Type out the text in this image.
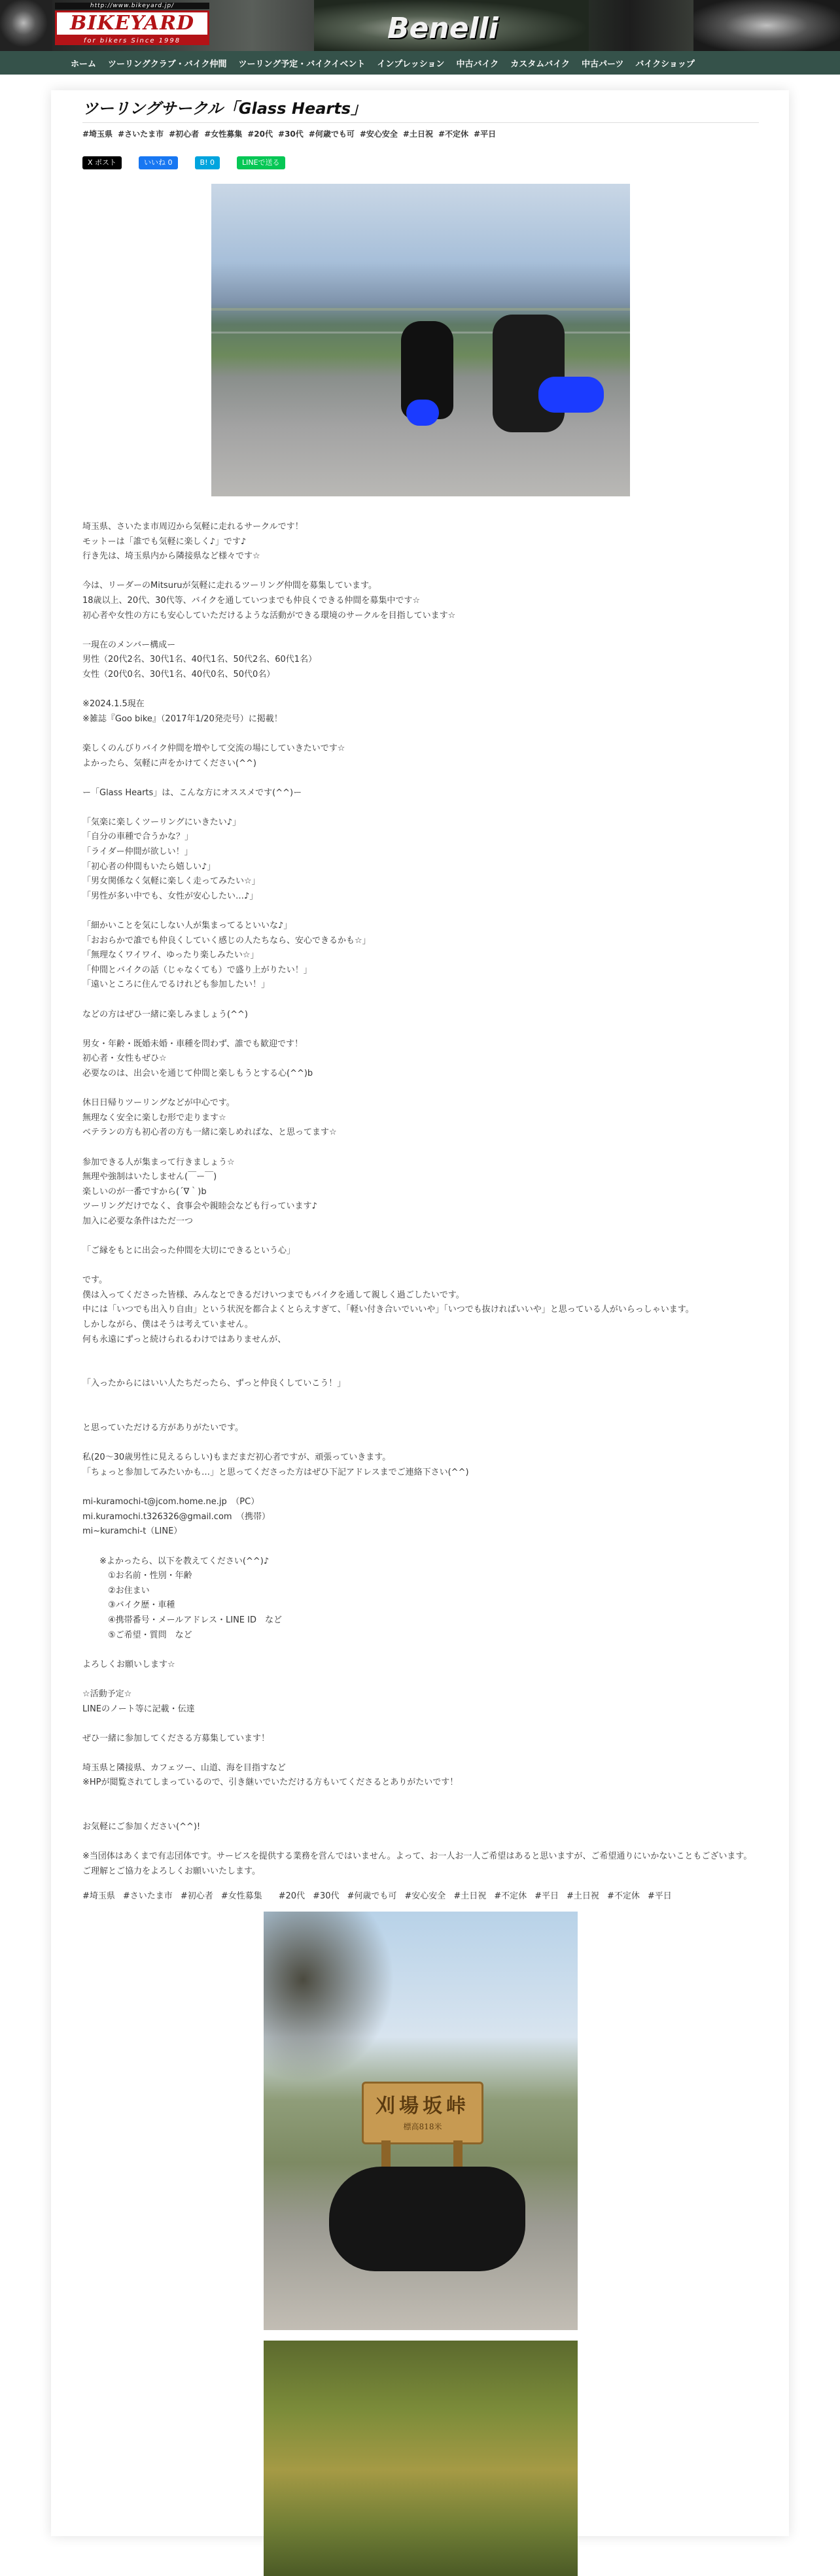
http://www.bikeyard.jp/
BIKEYARD
for bikers Since 1998	Benelli
ホーム ツーリングクラブ・バイク仲間 ツーリング予定・バイクイベント インプレッション 中古バイク カスタムバイク 中古パーツ バイクショップ
ツーリングサークル「Glass Hearts」
#埼玉県 #さいたま市 #初心者 #女性募集 #20代 #30代 #何歳でも可 #安心安全 #土日祝 #不定休 #平日
X ポスト	いいね 0	B! 0	LINEで送る

埼玉県、さいたま市周辺から気軽に走れるサークルです！

モットーは「誰でも気軽に楽しく♪」です♪

行き先は、埼玉県内から隣接県など様々です☆

今は、リーダーのMitsuruが気軽に走れるツーリング仲間を募集しています。

18歳以上、20代、30代等、バイクを通していつまでも仲良くできる仲間を募集中です☆

初心者や女性の方にも安心していただけるような活動ができる環境のサークルを目指しています☆

一現在のメンバー構成ー

男性（20代2名、30代1名、40代1名、50代2名、60代1名）

女性（20代0名、30代1名、40代0名、50代0名）

※2024.1.5現在

※雑誌『Goo bike』（2017年1/20発売号）に掲載！

楽しくのんびりバイク仲間を増やして交流の場にしていきたいです☆

よかったら、気軽に声をかけてください(^^)

ー「Glass Hearts」は、こんな方にオススメです(^^)ー

「気楽に楽しくツーリングにいきたい♪」

「自分の車種で合うかな？」

「ライダー仲間が欲しい！」

「初心者の仲間もいたら嬉しい♪」

「男女関係なく気軽に楽しく走ってみたい☆」

「男性が多い中でも、女性が安心したい…♪」

「細かいことを気にしない人が集まってるといいな♪」

「おおらかで誰でも仲良くしていく感じの人たちなら、安心できるかも☆」

「無理なくワイワイ、ゆったり楽しみたい☆」

「仲間とバイクの話（じゃなくても）で盛り上がりたい！」

「遠いところに住んでるけれども参加したい！」

などの方はぜひ一緒に楽しみましょう(^^)

男女・年齢・既婚未婚・車種を問わず、誰でも歓迎です！

初心者・女性もぜひ☆

必要なのは、出会いを通じて仲間と楽しもうとする心(^^)b

休日日帰りツーリングなどが中心です。

無理なく安全に楽しむ形で走ります☆

ベテランの方も初心者の方も一緒に楽しめればな、と思ってます☆

参加できる人が集まって行きましょう☆

無理や強制はいたしません(￣ー￣)

楽しいのが一番ですから(´∇｀)b

ツーリングだけでなく、食事会や親睦会なども行っています♪

加入に必要な条件はただ一つ

「ご縁をもとに出会った仲間を大切にできるという心」

です。

僕は入ってくださった皆様、みんなとできるだけいつまでもバイクを通して親しく過ごしたいです。

中には「いつでも出入り自由」という状況を都合よくとらえすぎて、「軽い付き合いでいいや」「いつでも抜ければいいや」と思っている人がいらっしゃいます。

しかしながら、僕はそうは考えていません。

何も永遠にずっと続けられるわけではありませんが、

「入ったからにはいい人たちだったら、ずっと仲良くしていこう！」

と思っていただける方がありがたいです。

私(20〜30歳男性に見えるらしい)もまだまだ初心者ですが、頑張っていきます。

「ちょっと参加してみたいかも…」と思ってくださった方はぜひ下記アドレスまでご連絡下さい(^^)

mi-kuramochi-t@jcom.home.ne.jp　（PC）

mi.kuramochi.t326326@gmail.com　（携帯）

mi~kuramchi-t（LINE）

　　※よかったら、以下を教えてください(^^)♪

　　　①お名前・性別・年齢

　　　②お住まい

　　　③バイク歴・車種

　　　④携帯番号・メールアドレス・LINE ID　など

　　　⑤ご希望・質問　など

よろしくお願いします☆

☆活動予定☆

LINEのノート等に記載・伝達

ぜひ一緒に参加してくださる方募集しています！

埼玉県と隣接県、カフェツー、山道、海を目指すなど

※HPが閲覧されてしまっているので、引き継いでいただける方もいてくださるとありがたいです！

お気軽にご参加ください(^^)!

※当団体はあくまで有志団体です。サービスを提供する業務を営んではいません。よって、お一人お一人ご希望はあると思いますが、ご希望通りにいかないこともございます。ご理解とご協力をよろしくお願いいたします。

#埼玉県 #さいたま市 #初心者 #女性募集 　#20代 #30代 #何歳でも可 #安心安全 #土日祝 #不定休 #平日 #土日祝 #不定休 #平日
刈場坂峠
標高818米
